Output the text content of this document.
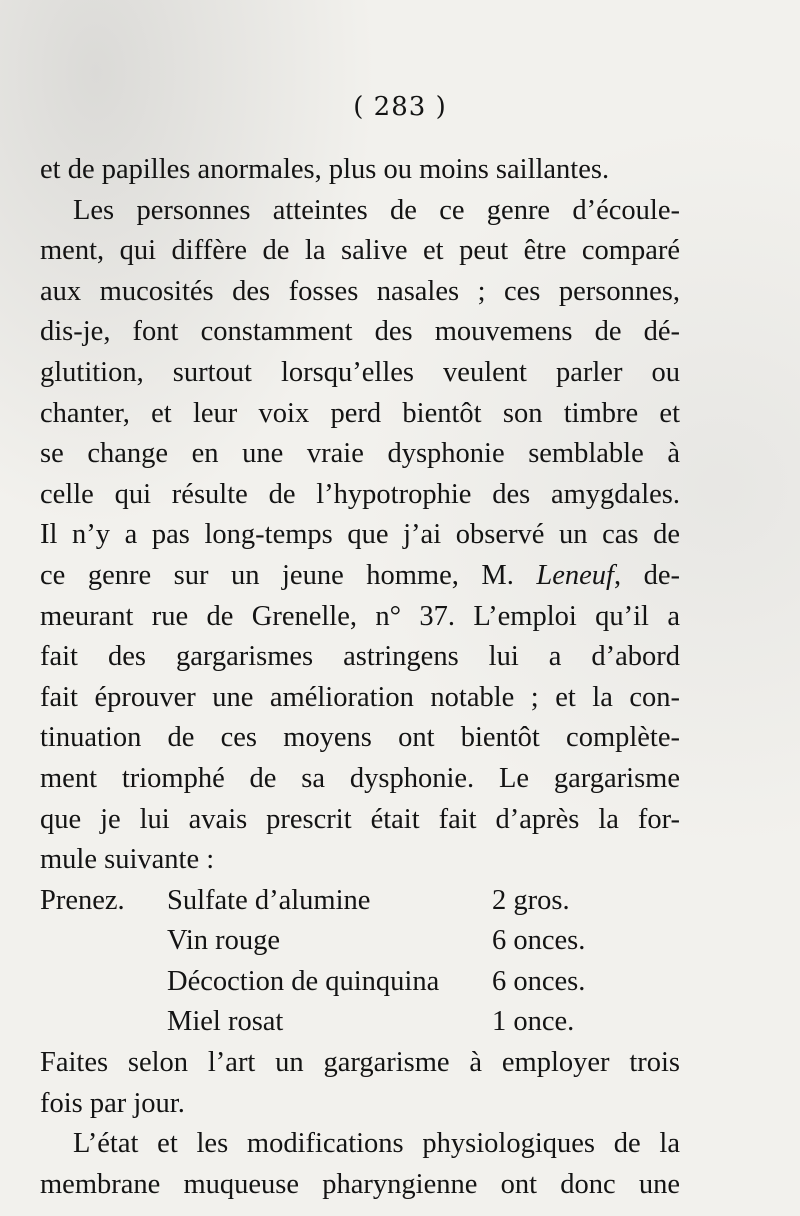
( 283 )
et de papilles anormales, plus ou moins saillantes.
Les personnes atteintes de ce genre d’écoule-
ment, qui diffère de la salive et peut être comparé
aux mucosités des fosses nasales ; ces personnes,
dis-je, font constamment des mouvemens de dé-
glutition, surtout lorsqu’elles veulent parler ou
chanter, et leur voix perd bientôt son timbre et
se change en une vraie dysphonie semblable à
celle qui résulte de l’hypotrophie des amygdales.
Il n’y a pas long-temps que j’ai observé un cas de
ce genre sur un jeune homme, M. Leneuf, de-
meurant rue de Grenelle, n° 37. L’emploi qu’il a
fait des gargarismes astringens lui a d’abord
fait éprouver une amélioration notable ; et la con-
tinuation de ces moyens ont bientôt complète-
ment triomphé de sa dysphonie. Le gargarisme
que je lui avais prescrit était fait d’après la for-
mule suivante :
Prenez. Sulfate d’alumine	2 gros.
Vin rouge	6 onces.
Décoction de quinquina 6 onces.
Miel rosat	1 once.
Faites selon l’art un gargarisme à employer trois
fois par jour.
L’état et les modifications physiologiques de la
membrane muqueuse pharyngienne ont donc une
